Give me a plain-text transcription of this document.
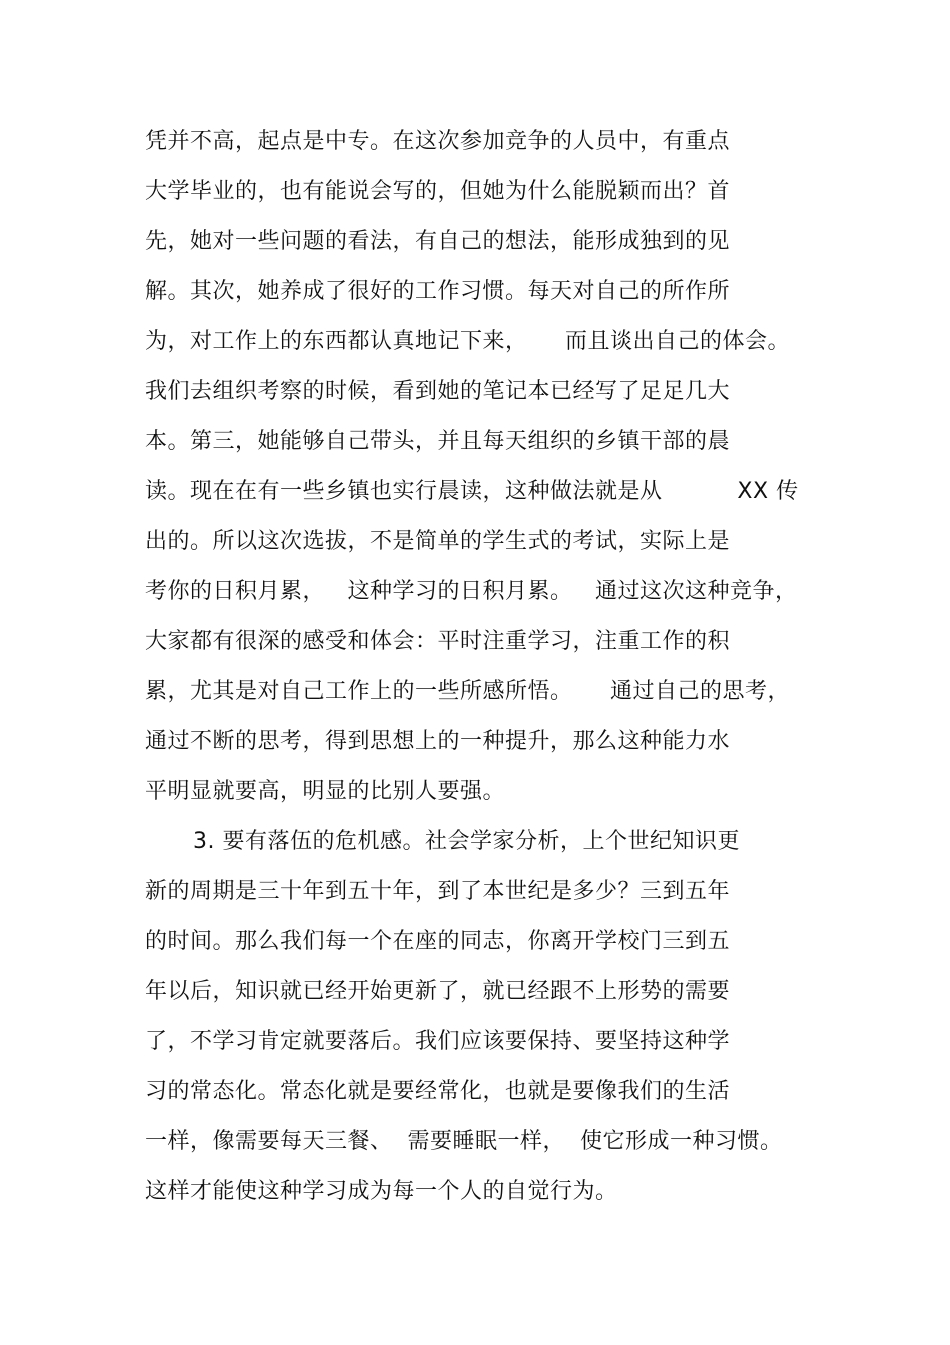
凭并不高，起点是中专。在这次参加竞争的人员中，有重点
大学毕业的，也有能说会写的，但她为什么能脱颖而出？首
先，她对一些问题的看法，有自己的想法，能形成独到的见
解。其次，她养成了很好的工作习惯。每天对自己的所作所
为，对工作上的东西都认真地记下来，     而且谈出自己的体会。
我们去组织考察的时候，看到她的笔记本已经写了足足几大
本。第三，她能够自己带头，并且每天组织的乡镇干部的晨
读。现在在有一些乡镇也实行晨读，这种做法就是从          XX 传
出的。所以这次选拔，不是简单的学生式的考试，实际上是
考你的日积月累，   这种学习的日积月累。   通过这次这种竞争，
大家都有很深的感受和体会：平时注重学习，注重工作的积
累，尤其是对自己工作上的一些所感所悟。     通过自己的思考，
通过不断的思考，得到思想上的一种提升，那么这种能力水
平明显就要高，明显的比别人要强。
3. 要有落伍的危机感。社会学家分析，上个世纪知识更
新的周期是三十年到五十年，到了本世纪是多少？三到五年
的时间。那么我们每一个在座的同志，你离开学校门三到五
年以后，知识就已经开始更新了，就已经跟不上形势的需要
了，不学习肯定就要落后。我们应该要保持、要坚持这种学
习的常态化。常态化就是要经常化，也就是要像我们的生活
一样，像需要每天三餐、  需要睡眠一样，  使它形成一种习惯。
这样才能使这种学习成为每一个人的自觉行为。
